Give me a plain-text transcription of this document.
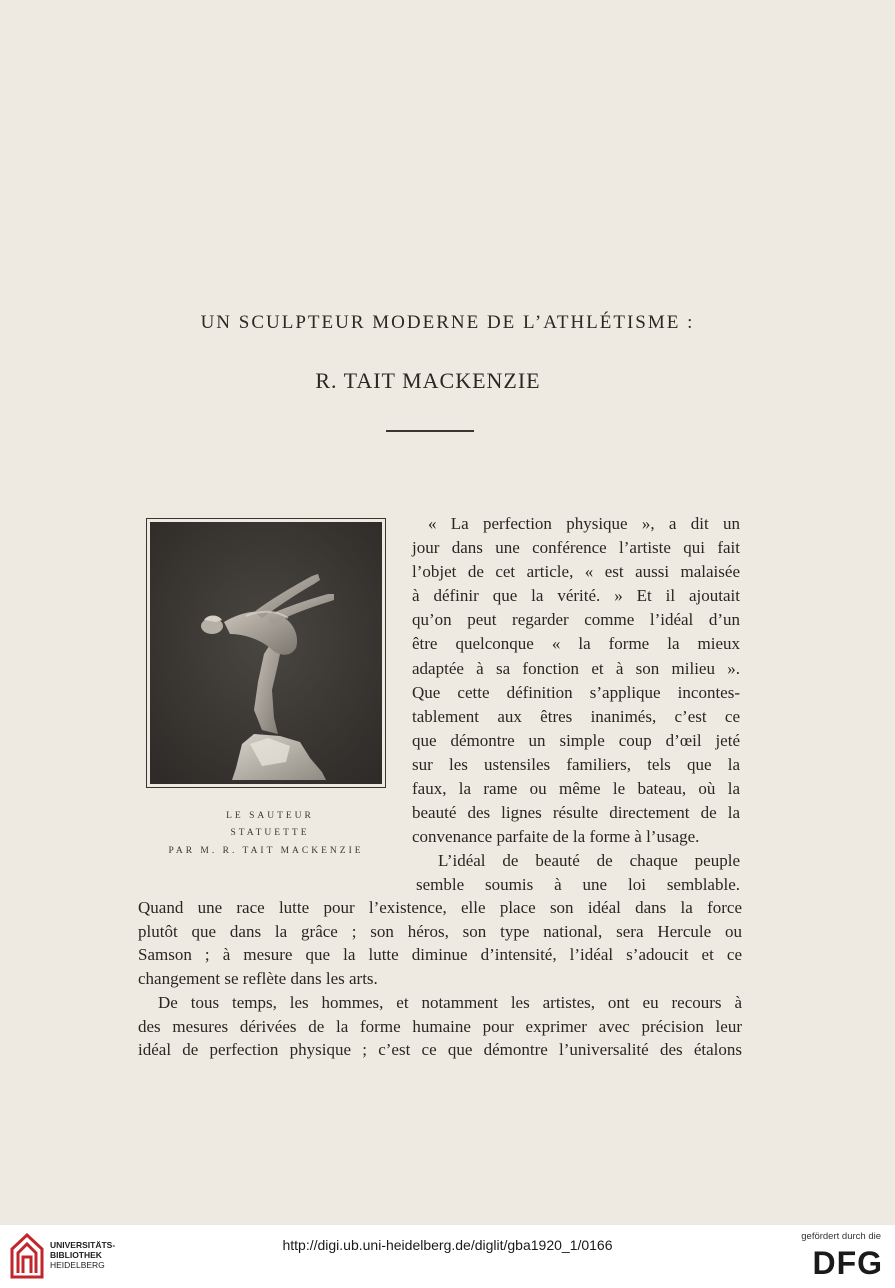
UN SCULPTEUR MODERNE DE L’ATHLÉTISME :
R. TAIT MACKENZIE
LE SAUTEUR
STATUETTE
PAR M. R. TAIT MACKENZIE
« La perfection physique », a dit un
jour dans une conférence l’artiste qui fait
l’objet de cet article, « est aussi malaisée
à définir que la vérité. » Et il ajoutait
qu’on peut regarder comme l’idéal d’un
être quelconque « la forme la mieux
adaptée à sa fonction et à son milieu ».
Que cette définition s’applique incontes-
tablement aux êtres inanimés, c’est ce
que démontre un simple coup d’œil jeté
sur les ustensiles familiers, tels que la
faux, la rame ou même le bateau, où la
beauté des lignes résulte directement de la
convenance parfaite de la forme à l’usage.
L’idéal de beauté de chaque peuple
semble soumis à une loi semblable.
Quand une race lutte pour l’existence, elle place son idéal dans la force
plutôt que dans la grâce ; son héros, son type national, sera Hercule ou
Samson ; à mesure que la lutte diminue d’intensité, l’idéal s’adoucit et ce
changement se reflète dans les arts.
De tous temps, les hommes, et notamment les artistes, ont eu recours à
des mesures dérivées de la forme humaine pour exprimer avec précision leur
idéal de perfection physique ; c’est ce que démontre l’universalité des étalons
UNIVERSITÄTS-
BIBLIOTHEK
HEIDELBERG
http://digi.ub.uni-heidelberg.de/diglit/gba1920_1/0166
gefördert durch die
DFG
